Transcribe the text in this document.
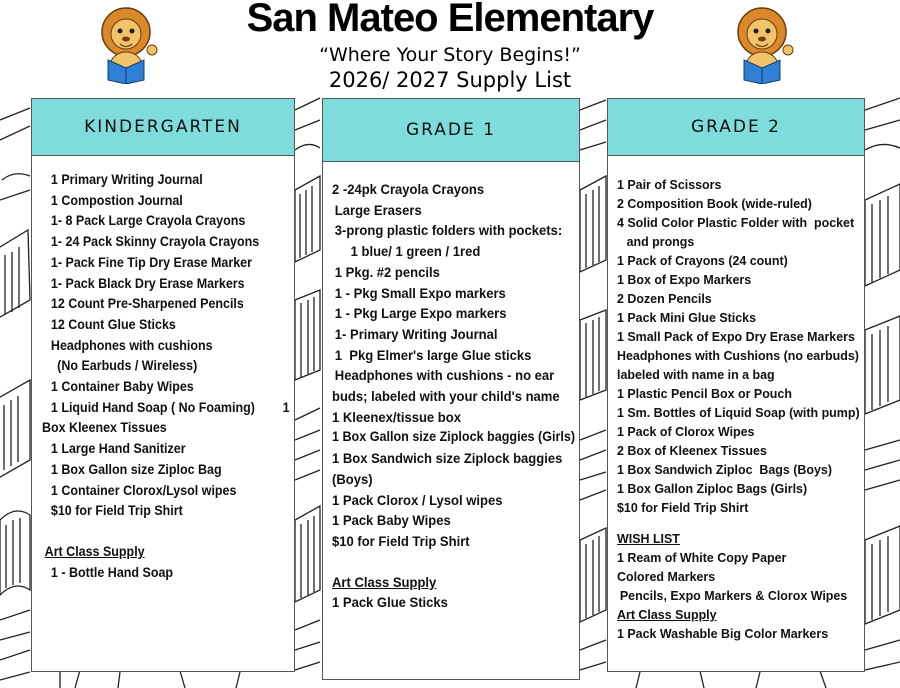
San Mateo Elementary
“Where Your Story Begins!”
2026/ 2027 Supply List
KINDERGARTEN
1 Primary Writing Journal
1 Compostion Journal
1- 8 Pack Large Crayola Crayons
1- 24 Pack Skinny Crayola Crayons
1- Pack Fine Tip Dry Erase Marker
1- Pack Black Dry Erase Markers
12 Count Pre-Sharpened Pencils
12 Count Glue Sticks
Headphones with cushions
(No Earbuds / Wireless)
1 Container Baby Wipes
1 Liquid Hand Soap ( No Foaming)        1
Box Kleenex Tissues
1 Large Hand Sanitizer
1 Box Gallon size Ziploc Bag
1 Container Clorox/Lysol wipes
$10 for Field Trip Shirt
Art Class Supply
1 - Bottle Hand Soap
GRADE 1
2 -24pk Crayola Crayons
Large Erasers
3-prong plastic folders with pockets:
1 blue/ 1 green / 1red
1 Pkg. #2 pencils
1 - Pkg Small Expo markers
1 - Pkg Large Expo markers
1- Primary Writing Journal
1  Pkg Elmer's large Glue sticks
Headphones with cushions - no ear
buds; labeled with your child's name
1 Kleenex/tissue box
1 Box Gallon size Ziplock baggies (Girls)
1 Box Sandwich size Ziplock baggies
(Boys)
1 Pack Clorox / Lysol wipes
1 Pack Baby Wipes
$10 for Field Trip Shirt
Art Class Supply
1 Pack Glue Sticks
GRADE 2
1 Pair of Scissors
2 Composition Book (wide-ruled)
4 Solid Color Plastic Folder with  pocket
and prongs
1 Pack of Crayons (24 count)
1 Box of Expo Markers
2 Dozen Pencils
1 Pack Mini Glue Sticks
1 Small Pack of Expo Dry Erase Markers
Headphones with Cushions (no earbuds)
labeled with name in a bag
1 Plastic Pencil Box or Pouch
1 Sm. Bottles of Liquid Soap (with pump)
1 Pack of Clorox Wipes
2 Box of Kleenex Tissues
1 Box Sandwich Ziploc  Bags (Boys)
1 Box Gallon Ziploc Bags (Girls)
$10 for Field Trip Shirt
WISH LIST
1 Ream of White Copy Paper
Colored Markers
Pencils, Expo Markers & Clorox Wipes
Art Class Supply
1 Pack Washable Big Color Markers
